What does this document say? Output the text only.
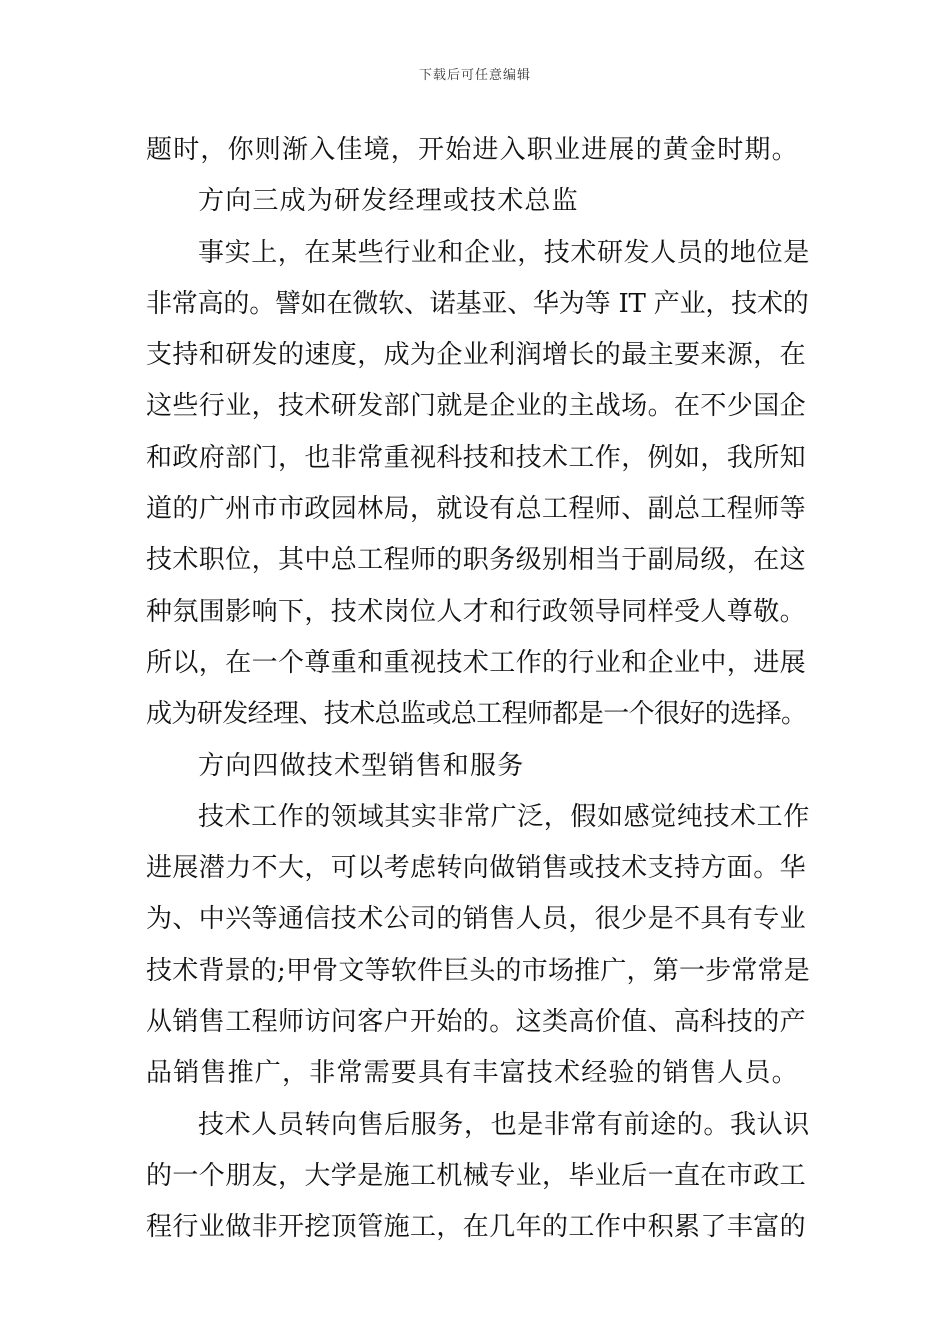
下载后可任意编辑
题时，你则渐入佳境，开始进入职业进展的黄金时期。
方向三成为研发经理或技术总监
事实上，在某些行业和企业，技术研发人员的地位是
非常高的。譬如在微软、诺基亚、华为等 IT 产业，技术的
支持和研发的速度，成为企业利润增长的最主要来源，在
这些行业，技术研发部门就是企业的主战场。在不少国企
和政府部门，也非常重视科技和技术工作，例如，我所知
道的广州市市政园林局，就设有总工程师、副总工程师等
技术职位，其中总工程师的职务级别相当于副局级，在这
种氛围影响下，技术岗位人才和行政领导同样受人尊敬。
所以，在一个尊重和重视技术工作的行业和企业中，进展
成为研发经理、技术总监或总工程师都是一个很好的选择。
方向四做技术型销售和服务
技术工作的领域其实非常广泛，假如感觉纯技术工作
进展潜力不大，可以考虑转向做销售或技术支持方面。华
为、中兴等通信技术公司的销售人员，很少是不具有专业
技术背景的;甲骨文等软件巨头的市场推广，第一步常常是
从销售工程师访问客户开始的。这类高价值、高科技的产
品销售推广，非常需要具有丰富技术经验的销售人员。
技术人员转向售后服务，也是非常有前途的。我认识
的一个朋友，大学是施工机械专业，毕业后一直在市政工
程行业做非开挖顶管施工，在几年的工作中积累了丰富的
